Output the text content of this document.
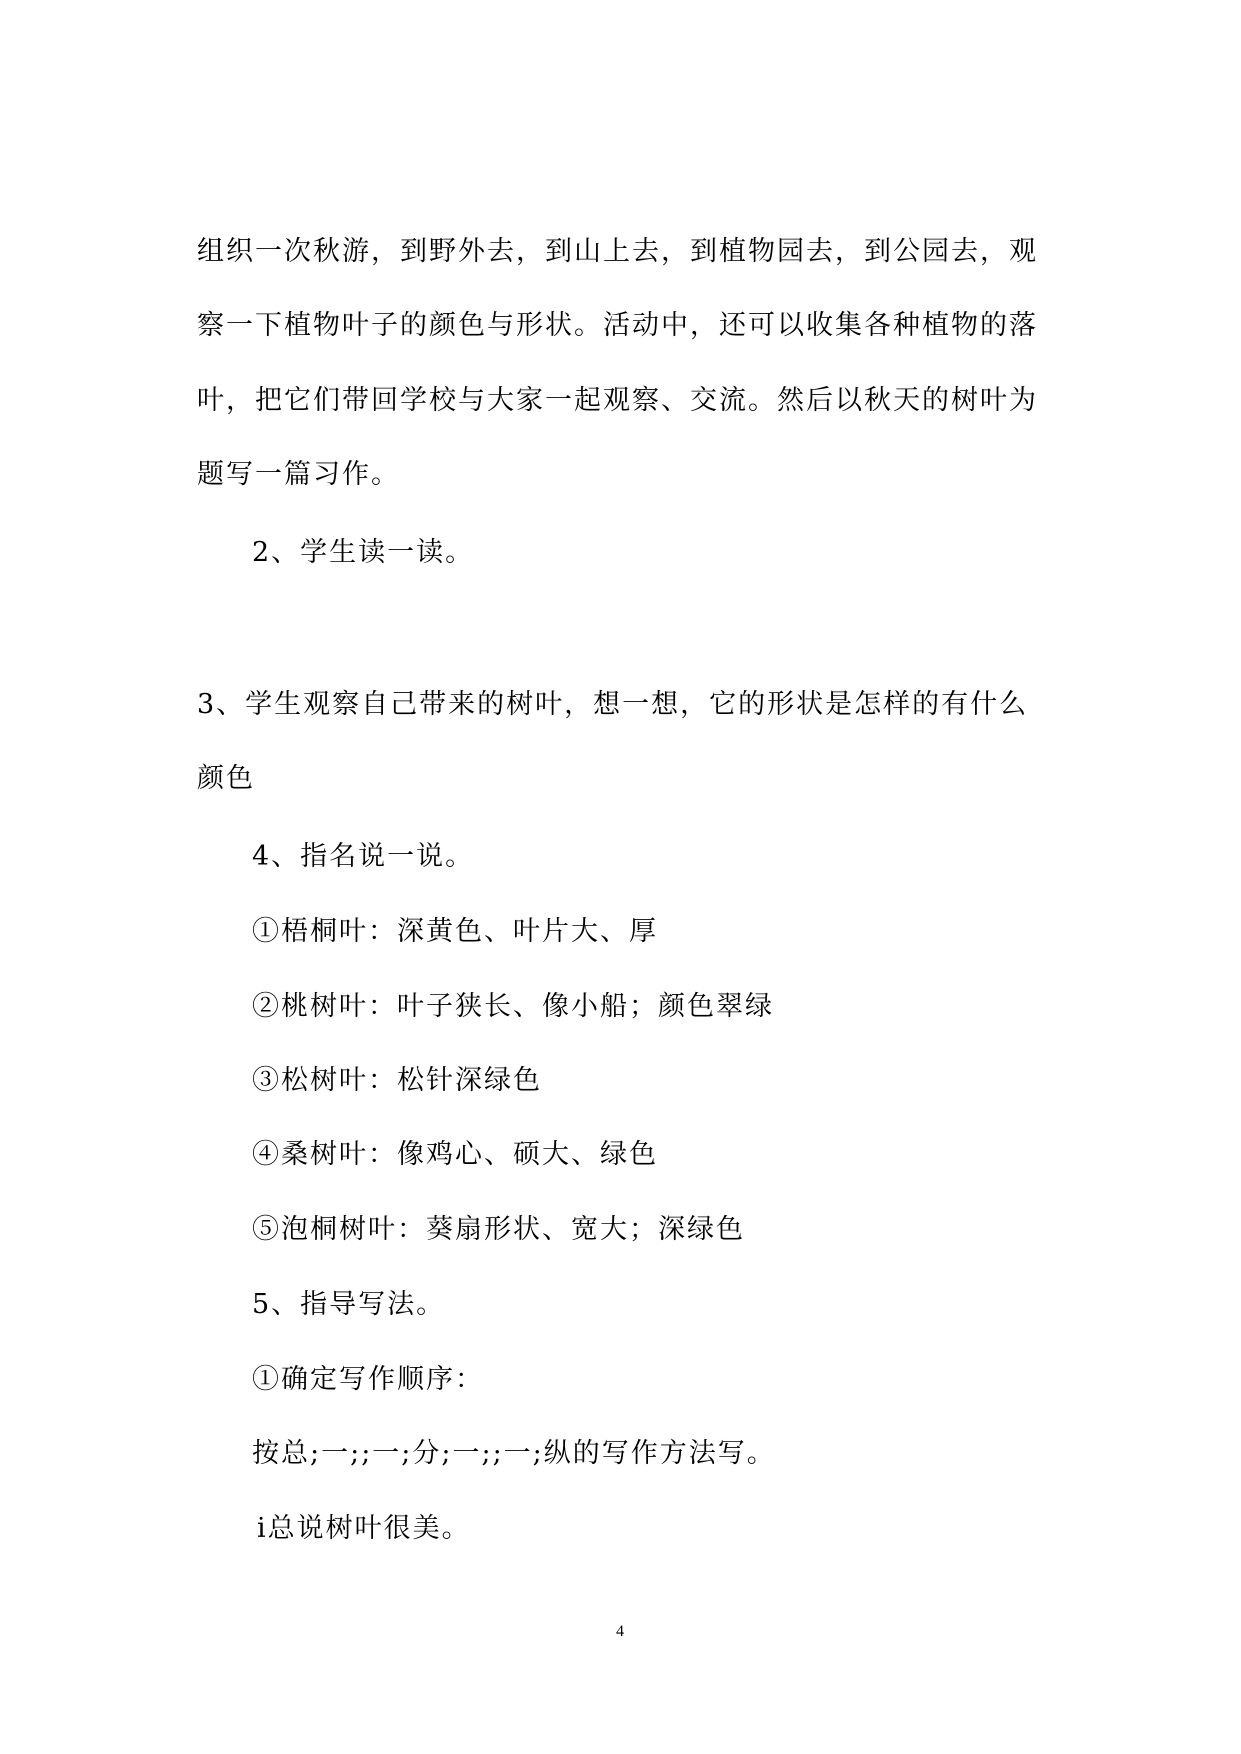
组织一次秋游，到野外去，到山上去，到植物园去，到公园去，观
察一下植物叶子的颜色与形状。活动中，还可以收集各种植物的落
叶，把它们带回学校与大家一起观察、交流。然后以秋天的树叶为
题写一篇习作。
2、学生读一读。
3、学生观察自己带来的树叶，想一想，它的形状是怎样的有什么
颜色
4、指名说一说。
①梧桐叶：深黄色、叶片大、厚
②桃树叶：叶子狭长、像小船；颜色翠绿
③松树叶：松针深绿色
④桑树叶：像鸡心、硕大、绿色
⑤泡桐树叶：葵扇形状、宽大；深绿色
5、指导写法。
①确定写作顺序：
按总;一;;一;分;一;;一;纵的写作方法写。
ⅰ总说树叶很美。
4
